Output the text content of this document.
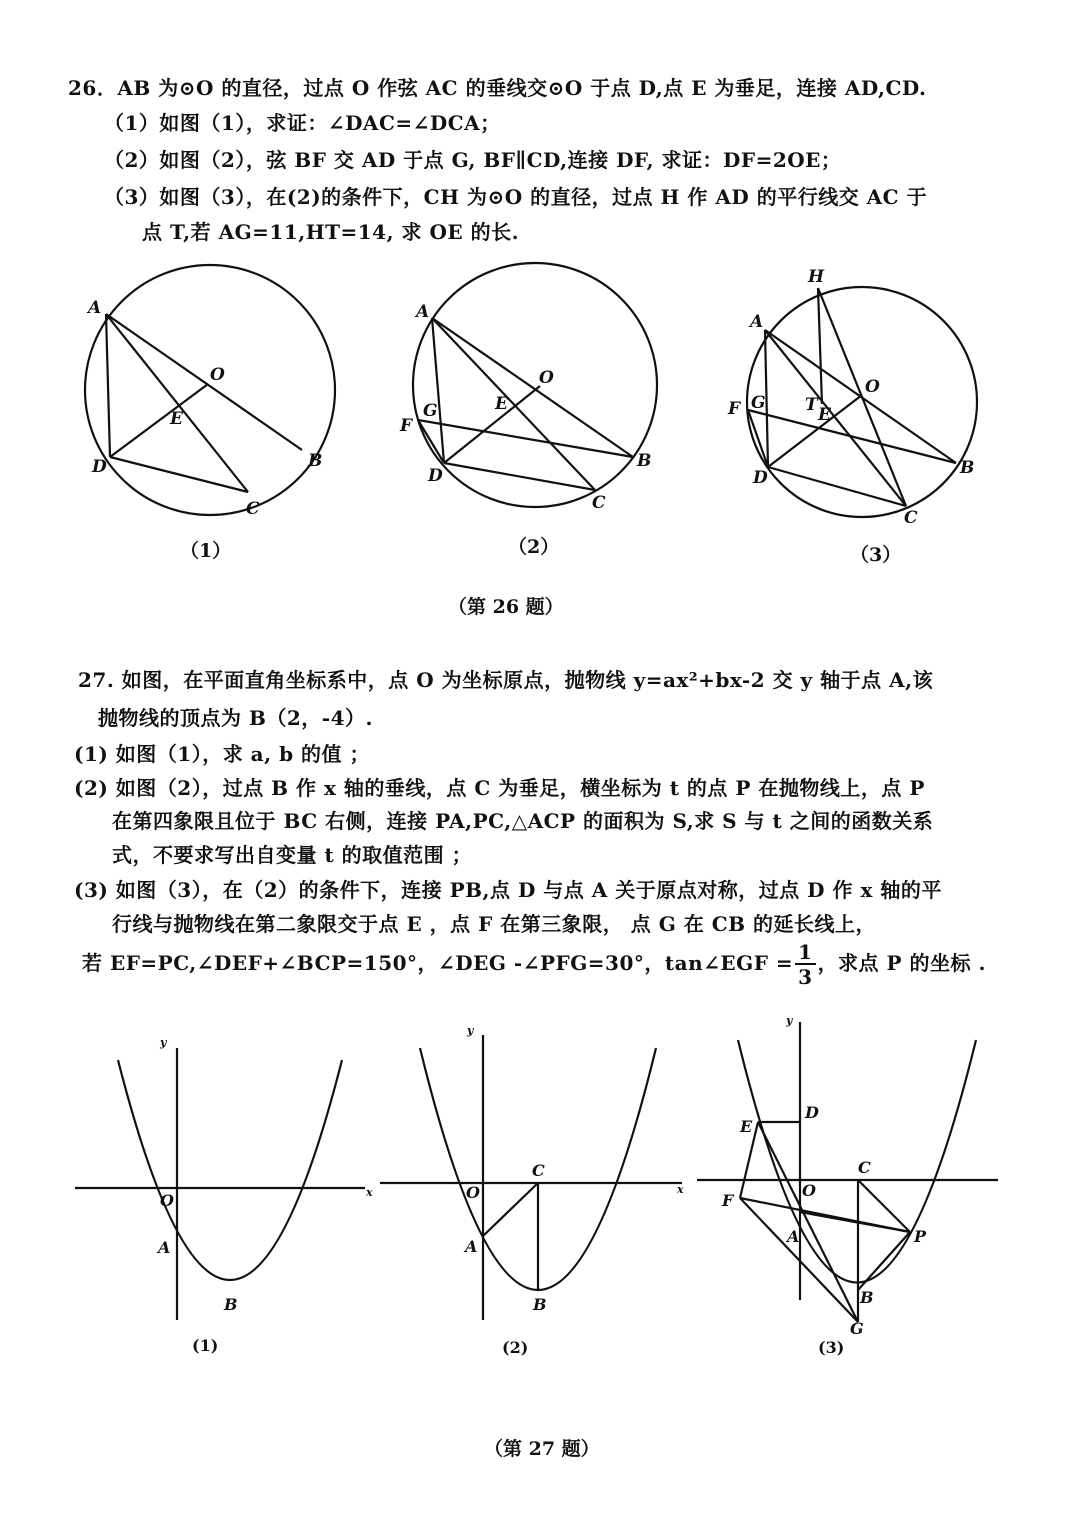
26．AB 为⊙O 的直径，过点 O 作弦 AC 的垂线交⊙O 于点 D,点 E 为垂足，连接 AD,CD.
（1）如图（1），求证：∠DAC=∠DCA；
（2）如图（2），弦 BF 交 AD 于点 G, BF∥CD,连接 DF, 求证：DF=2OE；
（3）如图（3），在(2)的条件下，CH 为⊙O 的直径，过点 H 作 AD 的平行线交 AC 于
点 T,若 AG=11,HT=14, 求 OE 的长.
A
O
E
D	B
C
A
O
E
G
F
D
B
C
H
A
O
T E
G
F
D	B
C
（1）	（2）	（3）
（第 26 题）
27. 如图，在平面直角坐标系中，点 O 为坐标原点，抛物线 y=ax²+bx-2 交 y 轴于点 A,该
抛物线的顶点为 B（2，-4）.
(1) 如图（1），求 a, b 的值 ；
(2) 如图（2），过点 B 作 x 轴的垂线，点 C 为垂足，横坐标为 t 的点 P 在抛物线上，点 P
在第四象限且位于 BC 右侧，连接 PA,PC,△ACP 的面积为 S,求 S 与 t 之间的函数关系
式，不要求写出自变量 t 的取值范围 ；
(3) 如图（3），在（2）的条件下，连接 PB,点 D 与点 A 关于原点对称，过点 D 作 x 轴的平
行线与抛物线在第二象限交于点 E ，点 F 在第三象限， 点 G 在 CB 的延长线上，
若 EF=PC,∠DEF+∠BCP=150°，∠DEG -∠PFG=30°，tan∠EGF = $\frac{1}{3}$ ，求点 P 的坐标 .
x
y
O
A
B
x
y
O
C
A
B
y
D
E
C
O
F
A	P
B
G
(1)	(2)	(3)
（第 27 题）
